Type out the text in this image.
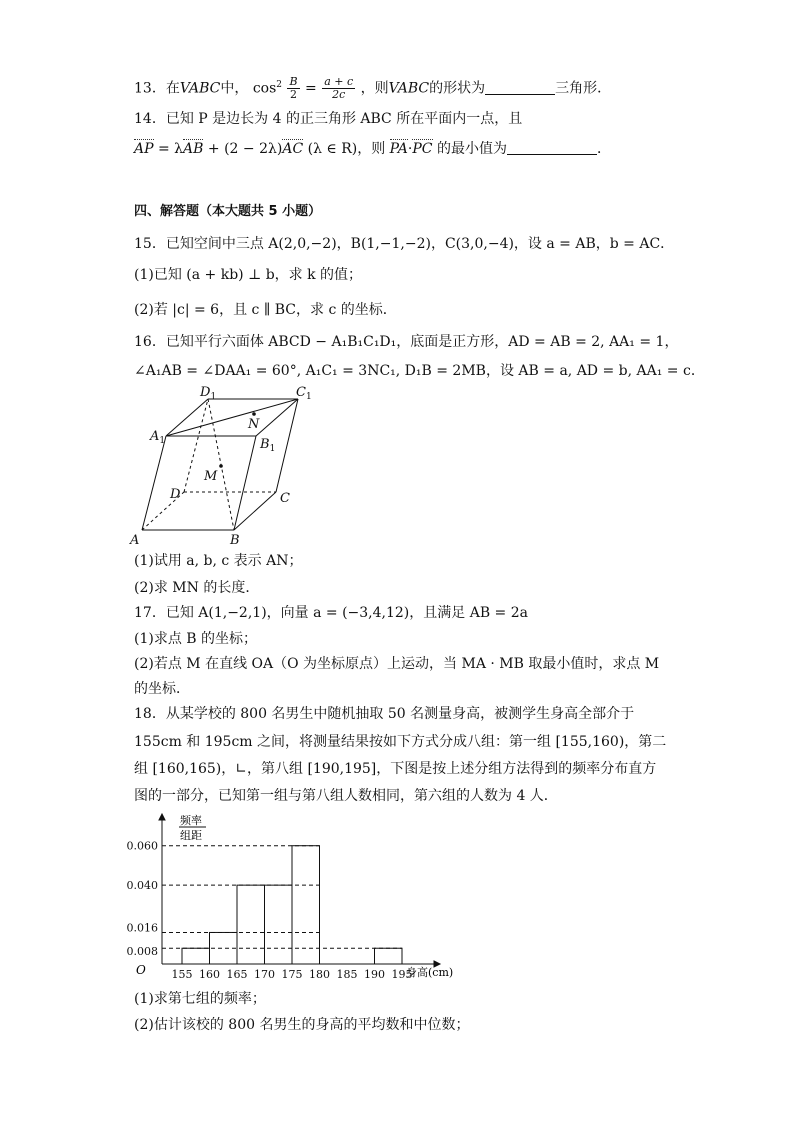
13．在VABC中， $\cos^2 \frac{B}{2} = \frac{a + c}{2c}$ ，则VABC的形状为	三角形．
14．已知 P 是边长为 4 的正三角形 ABC 所在平面内一点，且
AP = λAB + (2 − 2λ)AC (λ ∈ R)，则 PA·PC 的最小值为	．
四、解答题（本大题共 5 小题）
15．已知空间中三点 A(2,0,−2)，B(1,−1,−2)，C(3,0,−4)，设 a = AB，b = AC．
(1)已知 (a + kb) ⊥ b，求 k 的值；
(2)若 |c| = 6，且 c ∥ BC，求 c 的坐标．
16．已知平行六面体 ABCD − A₁B₁C₁D₁，底面是正方形，AD = AB = 2, AA₁ = 1，
∠A₁AB = ∠DAA₁ = 60°, A₁C₁ = 3NC₁, D₁B = 2MB，设 AB = a, AD = b, AA₁ = c．
A	B
C
D
$A_1$	$B_1$
$C_1$
$D_1$
N
M
(1)试用 a, b, c 表示 AN；
(2)求 MN 的长度．
17．已知 A(1,−2,1)，向量 a = (−3,4,12)，且满足 AB = 2a
(1)求点 B 的坐标；
(2)若点 M 在直线 OA（O 为坐标原点）上运动，当 MA · MB 取最小值时，求点 M
的坐标．
18．从某学校的 800 名男生中随机抽取 50 名测量身高，被测学生身高全部介于
155cm 和 195cm 之间，将测量结果按如下方式分成八组：第一组 [155,160)，第二
组 [160,165)，∟，第八组 [190,195]，下图是按上述分组方法得到的频率分布直方
图的一部分，已知第一组与第八组人数相同，第六组的人数为 4 人．
155 160 165 170 175 180 185 190 195
0.008
0.016
0.040
0.060
频率
组距
O	身高(cm)
(1)求第七组的频率；
(2)估计该校的 800 名男生的身高的平均数和中位数；
